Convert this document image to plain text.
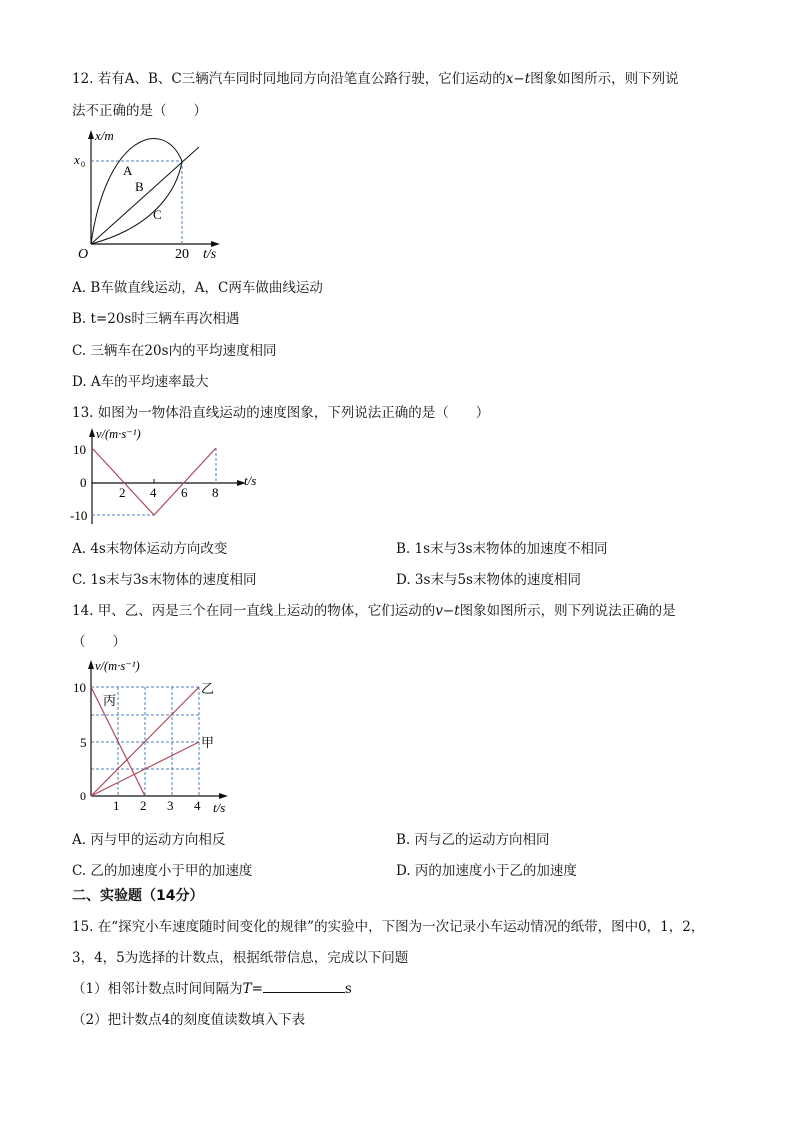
12. 若有A、B、C三辆汽车同时同地同方向沿笔直公路行驶，它们运动的x−t图象如图所示，则下列说
法不正确的是（　　）
x/m
x 0	A
B
C
O	20 t/s
A. B车做直线运动，A，C两车做曲线运动
B. t=20s时三辆车再次相遇
C. 三辆车在20s内的平均速度相同
D. A车的平均速率最大
13. 如图为一物体沿直线运动的速度图象，下列说法正确的是（　　）
v/(m·s⁻¹)
10
0
-10
2 4 6 8
t/s
A. 4s末物体运动方向改变	B. 1s末与3s末物体的加速度不相同
C. 1s末与3s末物体的速度相同	D. 3s末与5s末物体的速度相同
14. 甲、乙、丙是三个在同一直线上运动的物体，它们运动的v−t图象如图所示，则下列说法正确的是
（　　）
v/(m·s⁻¹)
10
5
0
1 2 3 4 t/s
乙
甲
丙
A. 丙与甲的运动方向相反	B. 丙与乙的运动方向相同
C. 乙的加速度小于甲的加速度	D. 丙的加速度小于乙的加速度
二、实验题（14分）
15. 在“探究小车速度随时间变化的规律”的实验中，下图为一次记录小车运动情况的纸带，图中0，1，2，
3，4，5为选择的计数点，根据纸带信息，完成以下问题
（1）相邻计数点时间间隔为T=	s
（2）把计数点4的刻度值读数填入下表
